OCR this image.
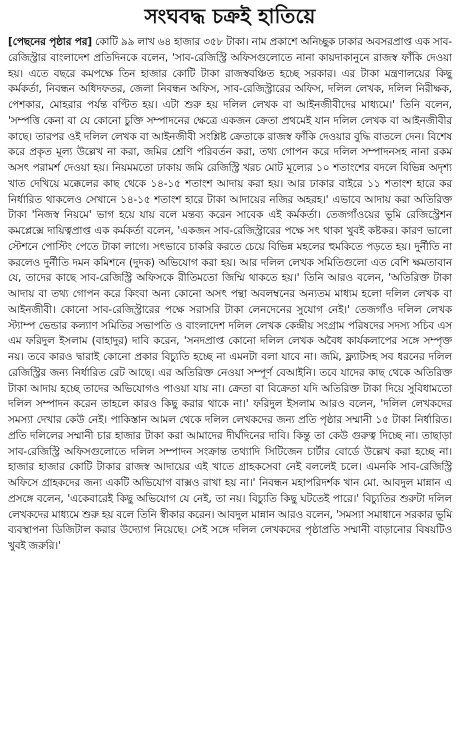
সংঘবদ্ধ চক্রই হাতিয়ে

[পেছনের পৃষ্ঠার পর] কোটি ৯৯ লাখ ৬৪ হাজার ৩৫৮ টাকা। নাম প্রকাশে অনিচ্ছুক ঢাকার অবসরপ্রাপ্ত এক সাব-রেজিস্ট্রার বাংলাদেশ প্রতিদিনকে বলেন, 'সাব-রেজিস্ট্রি অফিসগুলোতে নানা কায়দাকানুনে রাজস্ব ফাঁকি দেওয়া হয়। এতে বছরে কমপক্ষে তিন হাজার কোটি টাকা রাজস্ববঞ্চিত হচ্ছে সরকার। এর টাকা মন্ত্রণালয়ের কিছু কর্মকর্তা, নিবন্ধন অধিদফতর, জেলা নিবন্ধন অফিস, সাব-রেজিস্ট্রারের অফিস, দলিল লেখক, দলিল নিরীক্ষক, পেশকার, মোহরার পর্যন্ত বণ্টিত হয়। এটা শুরু হয় দলিল লেখক বা আইনজীবীদের মাধ্যমে।' তিনি বলেন, 'সম্পত্তি কেনা বা যে কোনো চুক্তি সম্পাদনের ক্ষেত্রে একজন ক্রেতা প্রথমেই যান দলিল লেখক বা আইনজীবীর কাছে। তারপর ওই দলিল লেখক বা আইনজীবী সংশ্লিষ্ট ক্রেতাকে রাজস্ব ফাঁকি দেওয়ার বুদ্ধি বাতলে দেন। বিশেষ করে প্রকৃত মূল্য উল্লেখ না করা, জমির শ্রেণি পরিবর্তন করা, তথ্য গোপন করে দলিল সম্পাদনসহ নানা রকম অসৎ পরামর্শ দেওয়া হয়। নিয়মমতো ঢাকায় জমি রেজিস্ট্রি খরচ মোট মূল্যের ১০ শতাংশের বদলে বিভিন্ন অদৃশ্য খাত দেখিয়ে মক্কেলের কাছ থেকে ১৪-১৫ শতাংশ আদায় করা হয়। আর ঢাকার বাইরে ১১ শতাংশ হারে কর নির্ধারিত থাকলেও সেখানে ১৪-১৫ শতাংশ হারে টাকা আদায়ের নজির অহরহ।' এভাবে আদায় করা অতিরিক্ত টাকা 'নিজস্ব নিয়মে' ভাগ হয়ে যায় বলে মন্তব্য করেন সাবেক এই কর্মকর্তা। তেজগাঁওয়ের ভূমি রেজিস্ট্রেশন কমপ্লেক্সে দায়িত্বপ্রাপ্ত এক কর্মকর্তা বলেন, 'একজন সাব-রেজিস্ট্রারের পক্ষে সৎ থাকা খুবই কষ্টকর। কারণ ভালো স্টেশনে পোস্টিং পেতে টাকা লাগে। সৎভাবে চাকরি করতে চেয়ে বিভিন্ন মহলের হুমকিতে পড়তে হয়। দুর্নীতি না করলেও দুর্নীতি দমন কমিশনে (দুদক) অভিযোগ করা হয়। আর দলিল লেখক সমিতিগুলো এত বেশি ক্ষমতাবান যে, তাদের কাছে সাব-রেজিস্ট্রি অফিসকে রীতিমতো জিম্মি থাকতে হয়।' তিনি আরও বলেন, 'অতিরিক্ত টাকা আদায় বা তথ্য গোপন করে কিংবা অন্য কোনো অসৎ পন্থা অবলম্বনের অন্যতম মাধ্যম হলো দলিল লেখক বা আইনজীবী। কোনো সাব-রেজিস্ট্রারের পক্ষে সরাসরি টাকা লেনদেনের সুযোগ নেই।' তেজগাঁও দলিল লেখক স্ট্যাম্প ভেন্ডার কল্যাণ সমিতির সভাপতি ও বাংলাদেশ দলিল লেখক কেন্দ্রীয় সংগ্রাম পরিষদের সদস্য সচিব এস এম ফরিদুল ইসলাম (বাহাদুর) দাবি করেন, 'সনদপ্রাপ্ত কোনো দলিল লেখক অবৈধ কার্যকলাপের সঙ্গে সম্পৃক্ত নয়। তবে কারও দ্বারাই কোনো প্রকার বিচ্যুতি হচ্ছে না এমনটা বলা যাবে না। জমি, ফ্ল্যাটসহ সব ধরনের দলিল রেজিস্ট্রির জন্য নির্ধারিত রেট আছে। এর অতিরিক্ত নেওয়া সম্পূর্ণ বেআইনি। তবে যাদের কাছ থেকে অতিরিক্ত টাকা আদায় হচ্ছে তাদের অভিযোগও পাওয়া যায় না। ক্রেতা বা বিক্রেতা যদি অতিরিক্ত টাকা দিয়ে সুবিধামতো দলিল সম্পাদন করেন তাহলে কারও কিছু করার থাকে না।' ফরিদুল ইসলাম আরও বলেন, 'দলিল লেখকদের সমস্যা দেখার কেউ নেই। পাকিস্তান আমল থেকে দলিল লেখকদের জন্য প্রতি পৃষ্ঠার সম্মানী ১৫ টাকা নির্ধারিত। প্রতি দলিলের সম্মানী চার হাজার টাকা করা আমাদের দীর্ঘদিনের দাবি। কিন্তু তা কেউ গুরুত্ব দিচ্ছে না। তাছাড়া সাব-রেজিস্ট্রি অফিসগুলোতে দলিল সম্পাদন সংক্রান্ত তথ্যাদি সিটিজেন চার্টার বোর্ডে উল্লেখ করা হচ্ছে না। হাজার হাজার কোটি টাকার রাজস্ব আদায়ের এই খাতে গ্রাহকসেবা নেই বললেই চলে। এমনকি সাব-রেজিস্ট্রি অফিসে গ্রাহকদের জন্য একটি অভিযোগ বাক্সও রাখা হয় না।' নিবন্ধন মহাপরিদর্শক খান মো. আবদুল মান্নান এ প্রসঙ্গে বলেন, 'একেবারেই কিছু অভিযোগ যে নেই, তা নয়। বিচ্যুতি কিছু ঘটতেই পারে।' বিচ্যুতির শুরুটা দলিল লেখকদের মাধ্যমে শুরু হয় বলে তিনি স্বীকার করেন। আবদুল মান্নান আরও বলেন, 'সমস্যা সমাধানে সরকার ভূমি ব্যবস্থাপনা ডিজিটাল করার উদ্যোগ নিয়েছে। সেই সঙ্গে দলিল লেখকদের পৃষ্ঠাপ্রতি সম্মানী বাড়ানোর বিষয়টিও খুবই জরুরি।'
